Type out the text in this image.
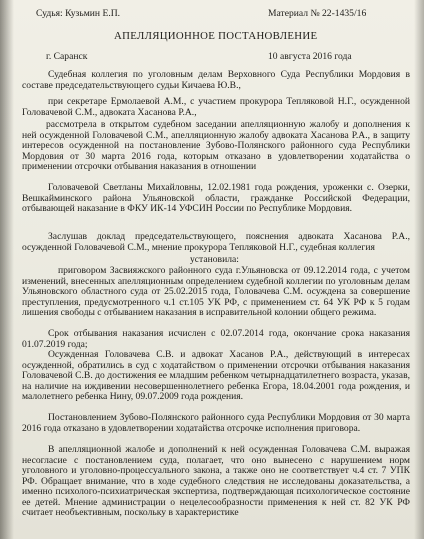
Судья: Кузьмин Е.П.	Материал № 22-1435/16
АПЕЛЛЯЦИОННОЕ ПОСТАНОВЛЕНИЕ
г. Саранск	10 августа 2016 года

Судебная коллегия по уголовным делам Верховного Суда Республики Мордовия в составе председательствующего судьи Кичаева Ю.В.,

при секретаре Ермолаевой А.М., с участием прокурора Тепляковой Н.Г., осужденной Головачевой С.М., адвоката Хасанова Р.А.,

рассмотрела в открытом судебном заседании апелляционную жалобу и дополнения к ней осужденной Головачевой С.М., апелляционную жалобу адвоката Хасанова Р.А., в защиту интересов осужденной на постановление Зубово-Полянского районного суда Республики Мордовия от 30 марта 2016 года, которым отказано в удовлетворении ходатайства о применении отсрочки отбывания наказания в отношении

Головачевой Светланы Михайловны, 12.02.1981 года рождения, уроженки с. Озерки, Вешкайминского района Ульяновской области, гражданке Российской Федерации, отбывающей наказание в ФКУ ИК-14 УФСИН России по Республике Мордовия.

Заслушав доклад председательствующего, пояснения адвоката Хасанова Р.А., осужденной Головачевой С.М., мнение прокурора Тепляковой Н.Г., судебная коллегия

установила:

приговором Засвияжского районного суда г.Ульяновска от 09.12.2014 года, с учетом изменений, внесенных апелляционным определением судебной коллегии по уголовным делам Ульяновского областного суда от 25.02.2015 года, Головачева С.М. осуждена за совершение преступления, предусмотренного ч.1 ст.105 УК РФ, с применением ст. 64 УК РФ к 5 годам лишения свободы с отбыванием наказания в исправительной колонии общего режима.

Срок отбывания наказания исчислен с 02.07.2014 года, окончание срока наказания 01.07.2019 года;

Осужденная Головачева С.В. и адвокат Хасанов Р.А., действующий в интересах осужденной, обратились в суд с ходатайством о применении отсрочки отбывания наказания Головачевой С.В. до достижения ее младшим ребенком четырнадцатилетнего возраста, указав, на наличие на иждивении несовершеннолетнего ребенка Егора, 18.04.2001 года рождения, и малолетнего ребенка Нину, 09.07.2009 года рождения.

Постановлением Зубово-Полянского районного суда Республики Мордовия от 30 марта 2016 года отказано в удовлетворении ходатайства отсрочке исполнения приговора.

В апелляционной жалобе и дополнений к ней осужденная Головачева С.М. выражая несогласие с постановлением суда, полагает, что оно вынесено с нарушением норм уголовного и уголовно-процессуального закона, а также оно не соответствует ч.4 ст. 7 УПК РФ. Обращает внимание, что в ходе судебного следствия не исследованы доказательства, а именно психолого-психиатрическая экспертиза, подтверждающая психологическое состояние ее детей. Мнение администрации о нецелесообразности применения к ней ст. 82 УК РФ считает необъективным, поскольку в характеристике
